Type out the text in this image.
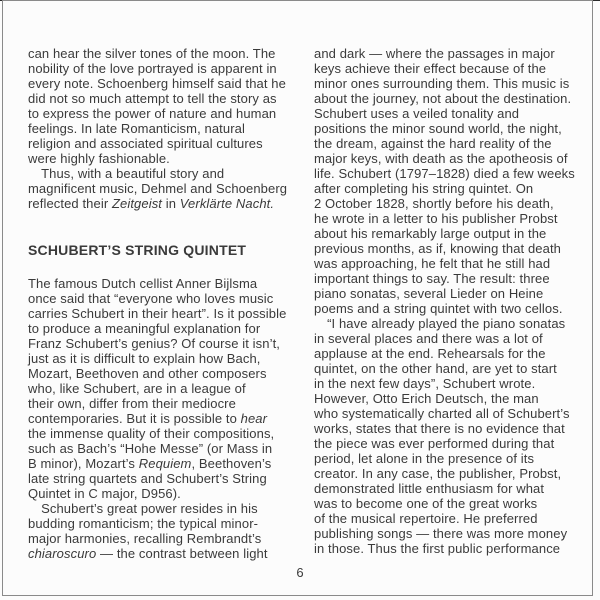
can hear the silver tones of the moon. The
nobility of the love portrayed is apparent in
every note. Schoenberg himself said that he
did not so much attempt to tell the story as
to express the power of nature and human
feelings. In late Romanticism, natural
religion and associated spiritual cultures
were highly fashionable.
 Thus, with a beautiful story and
magnificent music, Dehmel and Schoenberg
reflected their Zeitgeist in Verklärte Nacht.
SCHUBERT’S STRING QUINTET
The famous Dutch cellist Anner Bijlsma
once said that “everyone who loves music
carries Schubert in their heart”. Is it possible
to produce a meaningful explanation for
Franz Schubert’s genius? Of course it isn’t,
just as it is difficult to explain how Bach,
Mozart, Beethoven and other composers
who, like Schubert, are in a league of
their own, differ from their mediocre
contemporaries. But it is possible to hear
the immense quality of their compositions,
such as Bach’s “Hohe Messe” (or Mass in
B minor), Mozart’s Requiem, Beethoven’s
late string quartets and Schubert’s String
Quintet in C major, D956).
 Schubert’s great power resides in his
budding romanticism; the typical minor-
major harmonies, recalling Rembrandt’s
chiaroscuro — the contrast between light
and dark — where the passages in major
keys achieve their effect because of the
minor ones surrounding them. This music is
about the journey, not about the destination.
Schubert uses a veiled tonality and
positions the minor sound world, the night,
the dream, against the hard reality of the
major keys, with death as the apotheosis of
life. Schubert (1797–1828) died a few weeks
after completing his string quintet. On
2 October 1828, shortly before his death,
he wrote in a letter to his publisher Probst
about his remarkably large output in the
previous months, as if, knowing that death
was approaching, he felt that he still had
important things to say. The result: three
piano sonatas, several Lieder on Heine
poems and a string quintet with two cellos.
 “I have already played the piano sonatas
in several places and there was a lot of
applause at the end. Rehearsals for the
quintet, on the other hand, are yet to start
in the next few days”, Schubert wrote.
However, Otto Erich Deutsch, the man
who systematically charted all of Schubert’s
works, states that there is no evidence that
the piece was ever performed during that
period, let alone in the presence of its
creator. In any case, the publisher, Probst,
demonstrated little enthusiasm for what
was to become one of the great works
of the musical repertoire. He preferred
publishing songs — there was more money
in those. Thus the first public performance
6
